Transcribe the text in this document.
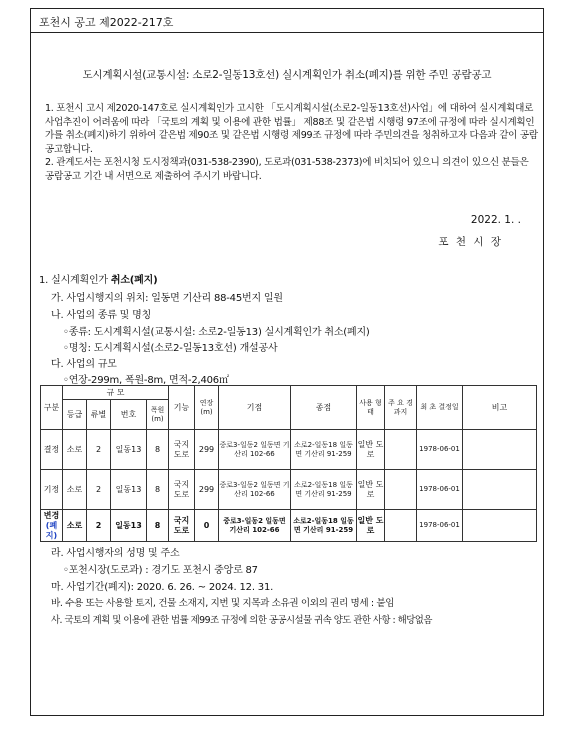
포천시 공고 제2022-217호
도시계획시설(교통시설: 소로2-일동13호선) 실시계획인가 취소(폐지)를 위한 주민 공람공고

1. 포천시 고시 제2020-147호로 실시계획인가 고시한 「도시계획시설(소로2-일동13호선)사업」에 대하여 실시계획대로 사업추진이 어려움에 따라 「국토의 계획 및 이용에 관한 법률」 제88조 및 같은법 시행령 97조에 규정에 따라 실시계획인가를 취소(폐지)하기 위하여 같은법 제90조 및 같은법 시행령 제99조 규정에 따라 주민의견을 청취하고자 다음과 같이 공람 공고합니다.

2. 관계도서는 포천시청 도시정책과(031-538-2390), 도로과(031-538-2373)에 비치되어 있으니 의견이 있으신 분들은 공람공고 기간 내 서면으로 제출하여 주시기 바랍니다.

2022. 1. .
포 천 시 장
1. 실시계획인가 취소(폐지)
가. 사업시행지의 위치: 일동면 기산리 88-45번지 일원
나. 사업의 종류 및 명칭
◦종류: 도시계획시설(교통시설: 소로2-일동13) 실시계획인가 취소(폐지)
◦명칭: 도시계획시설(소로2-일동13호선) 개설공사
다. 사업의 규모
◦연장-299m, 폭원-8m, 면적-2,406㎡
구분	규 모				기능	연장 (m)	기점	종점	사용 형태	주 요 경과지	최 초 결정일	비고
	등급	류별	번호	폭원 (m)								
결정	소로	2	일동13	8	국지 도로	299	중로3-일동2 일동면 기산리 102-66	소로2-일동18 일동면 기산리 91-259	일반 도로		1978-06-01	
기정	소로	2	일동13	8	국지 도로	299	중로3-일동2 일동면 기산리 102-66	소로2-일동18 일동면 기산리 91-259	일반 도로		1978-06-01	
변경
(폐지)	소로	2	일동13	8	국지 도로	0	중로3-일동2 일동면 기산리 102-66	소로2-일동18 일동면 기산리 91-259	일반 도로		1978-06-01	
라. 사업시행자의 성명 및 주소
◦포천시장(도로과) : 경기도 포천시 중앙로 87
마. 사업기간(폐지): 2020. 6. 26. ~ 2024. 12. 31.
바. 수용 또는 사용할 토지, 건물 소재지, 지번 및 지목과 소유권 이외의 권리 명세 : 붙임
사. 국토의 계획 및 이용에 관한 법률 제99조 규정에 의한 공공시설물 귀속 양도 관한 사항 : 해당없음
